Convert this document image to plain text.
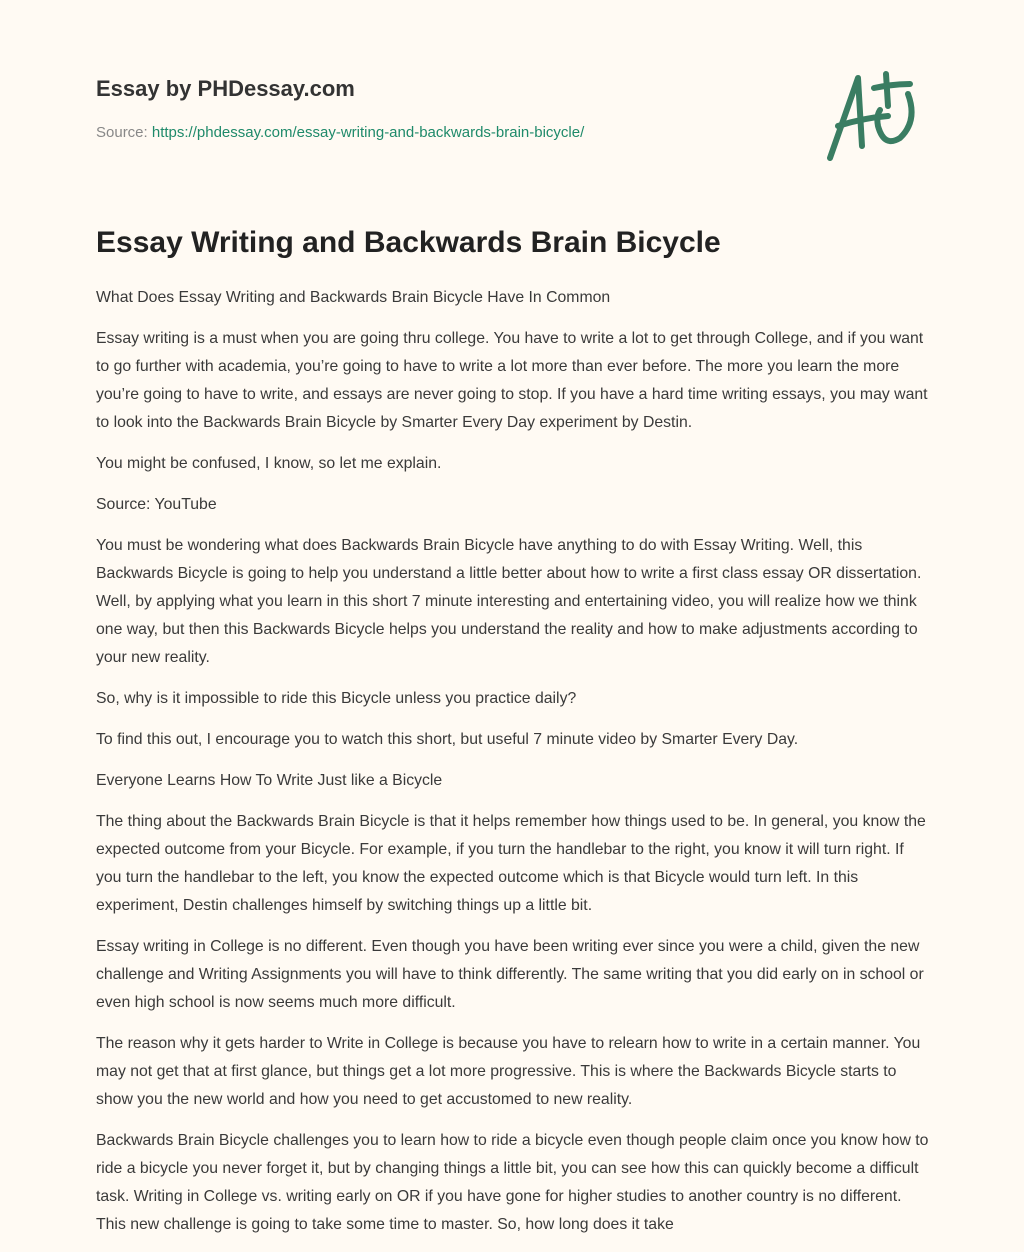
Essay by PHDessay.com
Source: https://phdessay.com/essay-writing-and-backwards-brain-bicycle/
Essay Writing and Backwards Brain Bicycle

What Does Essay Writing and Backwards Brain Bicycle Have In Common

Essay writing is a must when you are going thru college. You have to write a lot to get through College, and if you want to go further with academia, you’re going to have to write a lot more than ever before. The more you learn the more you’re going to have to write, and essays are never going to stop. If you have a hard time writing essays, you may want to look into the Backwards Brain Bicycle by Smarter Every Day experiment by Destin.

You might be confused, I know, so let me explain.

Source: YouTube

You must be wondering what does Backwards Brain Bicycle have anything to do with Essay Writing. Well, this Backwards Bicycle is going to help you understand a little better about how to write a first class essay OR dissertation. Well, by applying what you learn in this short 7 minute interesting and entertaining video, you will realize how we think one way, but then this Backwards Bicycle helps you understand the reality and how to make adjustments according to your new reality.

So, why is it impossible to ride this Bicycle unless you practice daily?

To find this out, I encourage you to watch this short, but useful 7 minute video by Smarter Every Day.

Everyone Learns How To Write Just like a Bicycle

The thing about the Backwards Brain Bicycle is that it helps remember how things used to be. In general, you know the expected outcome from your Bicycle. For example, if you turn the handlebar to the right, you know it will turn right. If you turn the handlebar to the left, you know the expected outcome which is that Bicycle would turn left. In this experiment, Destin challenges himself by switching things up a little bit.

Essay writing in College is no different. Even though you have been writing ever since you were a child, given the new challenge and Writing Assignments you will have to think differently. The same writing that you did early on in school or even high school is now seems much more difficult.

The reason why it gets harder to Write in College is because you have to relearn how to write in a certain manner. You may not get that at first glance, but things get a lot more progressive. This is where the Backwards Bicycle starts to show you the new world and how you need to get accustomed to new reality.

Backwards Brain Bicycle challenges you to learn how to ride a bicycle even though people claim once you know how to ride a bicycle you never forget it, but by changing things a little bit, you can see how this can quickly become a difficult task. Writing in College vs. writing early on OR if you have gone for higher studies to another country is no different. This new challenge is going to take some time to master. So, how long does it take
